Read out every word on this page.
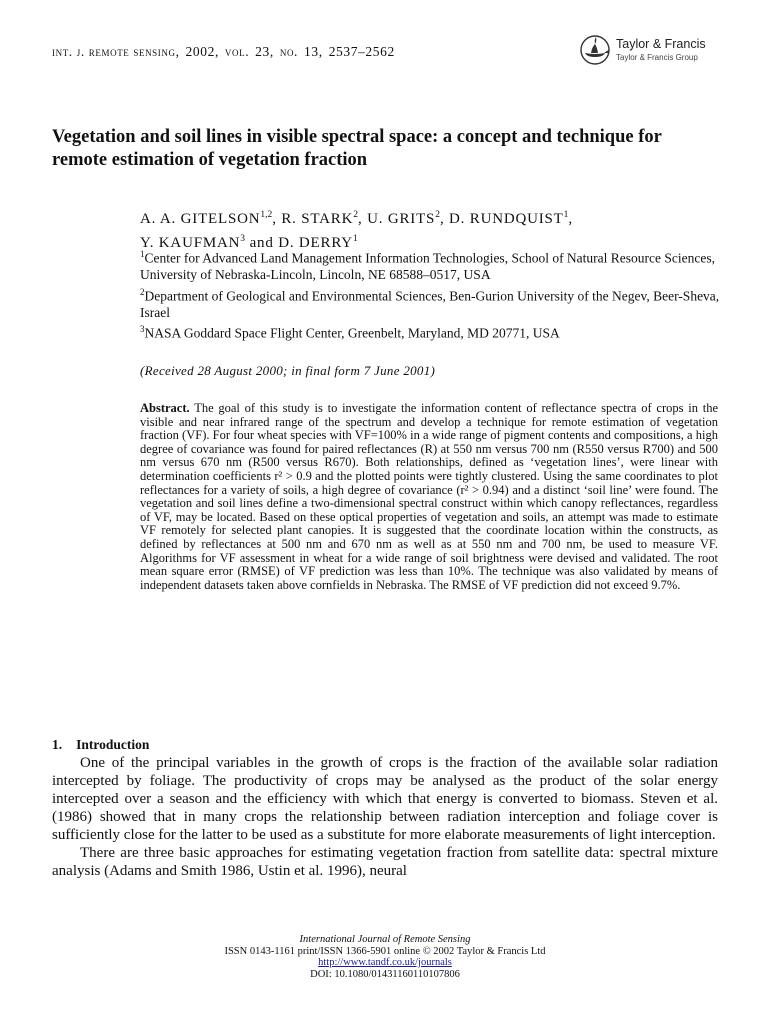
int. j. remote sensing, 2002, vol. 23, no. 13, 2537–2562	Taylor & Francis
Taylor & Francis Group
Vegetation and soil lines in visible spectral space: a concept and technique for remote estimation of vegetation fraction
A. A. GITELSON$^{1,2}$, R. STARK$^2$, U. GRITS$^2$, D. RUNDQUIST$^1$,
Y. KAUFMAN$^3$ and D. DERRY$^1$

$^1$Center for Advanced Land Management Information Technologies, School of Natural Resource Sciences, University of Nebraska-Lincoln, Lincoln, NE 68588–0517, USA

$^2$Department of Geological and Environmental Sciences, Ben-Gurion University of the Negev, Beer-Sheva, Israel

$^3$NASA Goddard Space Flight Center, Greenbelt, Maryland, MD 20771, USA

(Received 28 August 2000; in final form 7 June 2001)

Abstract. The goal of this study is to investigate the information content of reflectance spectra of crops in the visible and near infrared range of the spectrum and develop a technique for remote estimation of vegetation fraction (VF). For four wheat species with VF=100% in a wide range of pigment contents and compositions, a high degree of covariance was found for paired reflectances (R) at 550 nm versus 700 nm (R550 versus R700) and 500 nm versus 670 nm (R500 versus R670). Both relationships, defined as ‘vegetation lines’, were linear with determination coefficients r² > 0.9 and the plotted points were tightly clustered. Using the same coordinates to plot reflectances for a variety of soils, a high degree of covariance (r² > 0.94) and a distinct ‘soil line’ were found. The vegetation and soil lines define a two-dimensional spectral construct within which canopy reflectances, regardless of VF, may be located. Based on these optical properties of vegetation and soils, an attempt was made to estimate VF remotely for selected plant canopies. It is suggested that the coordinate location within the constructs, as defined by reflectances at 500 nm and 670 nm as well as at 550 nm and 700 nm, be used to measure VF. Algorithms for VF assessment in wheat for a wide range of soil brightness were devised and validated. The root mean square error (RMSE) of VF prediction was less than 10%. The technique was also validated by means of independent datasets taken above cornfields in Nebraska. The RMSE of VF prediction did not exceed 9.7%.

1. Introduction

One of the principal variables in the growth of crops is the fraction of the available solar radiation intercepted by foliage. The productivity of crops may be analysed as the product of the solar energy intercepted over a season and the efficiency with which that energy is converted to biomass. Steven et al. (1986) showed that in many crops the relationship between radiation interception and foliage cover is sufficiently close for the latter to be used as a substitute for more elaborate measurements of light interception.

There are three basic approaches for estimating vegetation fraction from satellite data: spectral mixture analysis (Adams and Smith 1986, Ustin et al. 1996), neural

International Journal of Remote Sensing
ISSN 0143-1161 print/ISSN 1366-5901 online © 2002 Taylor & Francis Ltd
http://www.tandf.co.uk/journals
DOI: 10.1080/01431160110107806
